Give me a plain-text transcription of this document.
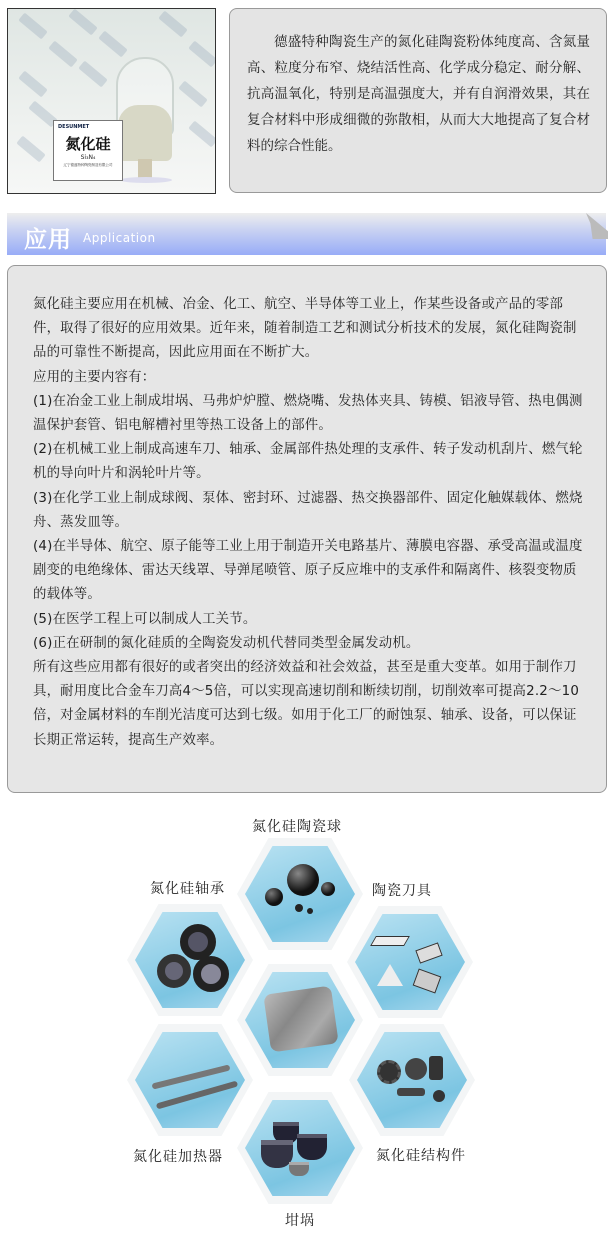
DESUNMET
氮化硅
Si₃N₄
辽宁德盛特种陶瓷制造有限公司
德盛特种陶瓷生产的氮化硅陶瓷粉体纯度高、含氮量高、粒度分布窄、烧结活性高、化学成分稳定、耐分解、抗高温氧化，特别是高温强度大，并有自润滑效果，其在复合材料中形成细微的弥散相，从而大大地提高了复合材料的综合性能。
应用 Application

氮化硅主要应用在机械、冶金、化工、航空、半导体等工业上，作某些设备或产品的零部件，取得了很好的应用效果。近年来，随着制造工艺和测试分析技术的发展，氮化硅陶瓷制品的可靠性不断提高，因此应用面在不断扩大。

应用的主要内容有：

(1)在冶金工业上制成坩埚、马弗炉炉膛、燃烧嘴、发热体夹具、铸模、铝液导管、热电偶测温保护套管、铝电解槽衬里等热工设备上的部件。

(2)在机械工业上制成高速车刀、轴承、金属部件热处理的支承件、转子发动机刮片、燃气轮机的导向叶片和涡轮叶片等。

(3)在化学工业上制成球阀、泵体、密封环、过滤器、热交换器部件、固定化触媒载体、燃烧舟、蒸发皿等。

(4)在半导体、航空、原子能等工业上用于制造开关电路基片、薄膜电容器、承受高温或温度剧变的电绝缘体、雷达天线罩、导弹尾喷管、原子反应堆中的支承件和隔离件、核裂变物质的载体等。

(5)在医学工程上可以制成人工关节。

(6)正在研制的氮化硅质的全陶瓷发动机代替同类型金属发动机。

所有这些应用都有很好的或者突出的经济效益和社会效益，甚至是重大变革。如用于制作刀具，耐用度比合金车刀高4～5倍，可以实现高速切削和断续切削，切削效率可提高2.2～10倍，对金属材料的车削光洁度可达到七级。如用于化工厂的耐蚀泵、轴承、设备，可以保证长期正常运转，提高生产效率。

氮化硅陶瓷球
氮化硅轴承	陶瓷刀具
氮化硅加热器	氮化硅结构件
坩埚
